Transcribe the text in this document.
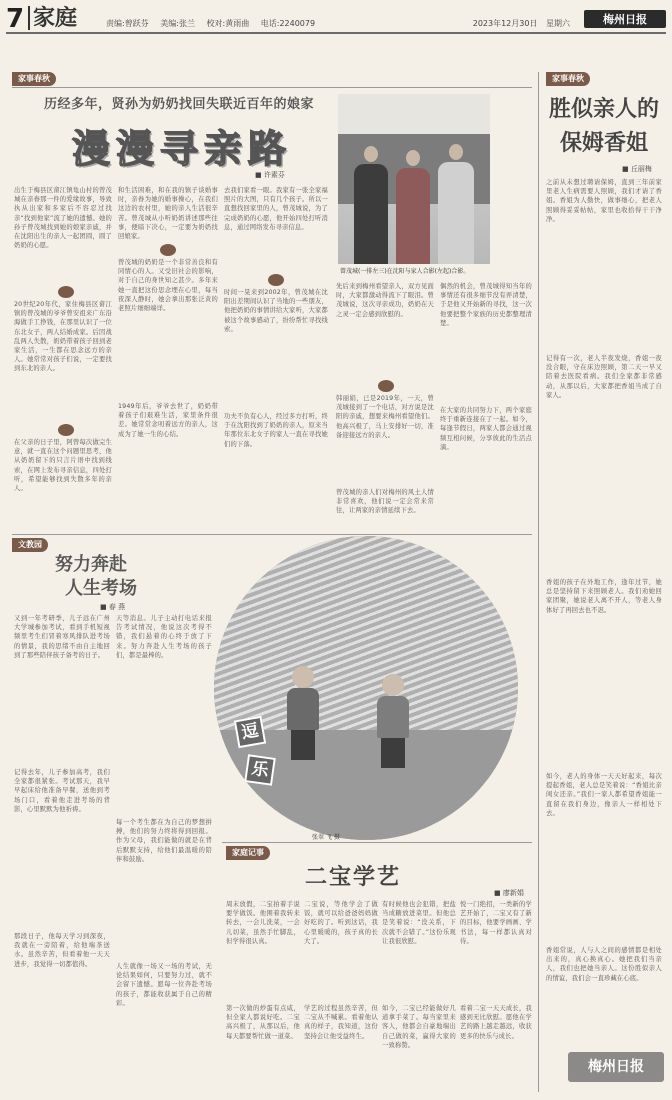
7 家庭	责编:曾跃芬 美编:张兰 校对:黄雨曲 电话:2240079	2023年12月30日 星期六	梅州日报
家事春秋
历经多年，贤孙为奶奶找回失联近百年的娘家
漫漫寻亲路
■ 许素芬
曾茂城(一排左三)在沈阳与家人合影(左起)合影。
出生于梅县区畲江镇龟山村的曾茂城在亲眷那一件的爱缘故事，导致执从出家和多家后不容忍过找亲“找到他家”流了她的遗憾。她的孙子曾茂城找到她的娘家亲戚，并在沈阳出生的亲人一起团圆，圆了奶奶的心愿。
20世纪20年代，家住梅县区畲江镇的曾茂城的爷爷曾安祖来广东沿海做手工挣钱，在那里认识了一位东北女子，两人结婚成家。后因战乱两人失散，奶奶带着孩子回到老家生活，一生都在思念远方的亲人。她常常对孩子们说，一定要找到东北的亲人。
在父亲的日子里，阿曾每次做完生意，就一直在这个问题里思考，他从奶奶留下的只言片语中找到线索，在网上发布寻亲信息，四处打听，希望能够找到失散多年的亲人。
和生活困难，和在我的镇子谈婚事时，亲眷为她的婚事操心，在我们这边的农村里，她的亲人生活很辛苦。曾茂城从小听奶奶讲述那些往事，便暗下决心，一定要为奶奶找回娘家。
曾茂城的奶奶是一个非常善良和有同情心的人。又受旧社会的影响，对于自己的身世知之甚少。多年来她一直把这份思念埋在心里，每当夜深人静时，她会拿出那张泛黄的老照片细细端详。
1949年后，爷爷去世了，奶奶带着孩子们艰难生活，家里条件很差。她常常念叨着远方的亲人，这成为了她一生的心结。
去我们家看一眼。我家有一张全家福照片的大图，只有几个孩子。所以一直想找回家里的人，曾茂城说，为了完成奶奶的心愿，他开始四处打听消息，通过网络发布寻亲信息。
时间一晃来到2002年，曾茂城在沈阳出差期间认识了当地的一些朋友，他把奶奶的事情讲给大家听，大家都被这个故事感动了，纷纷帮忙寻找线索。
功夫不负有心人，经过多方打听，终于在沈阳找到了奶奶的亲人，原来当年那位东北女子的家人一直在寻找她们的下落。
先后来到梅州看望亲人，双方见面时，大家都激动得流下了眼泪。曾茂城说，这次寻亲成功，奶奶在天之灵一定会感到欣慰的。
韩丽娟，已是2019年，一天，曾茂城接到了一个电话，对方说是沈阳的亲戚，想要来梅州看望他们。他高兴极了，马上安排好一切，准备迎接远方的亲人。
曾茂城的亲人们对梅州的风土人情非常喜欢，他们说一定会常来常往，让两家的亲情延续下去。
偶然的机会，曾茂城得知当年的事情还有很多细节没有弄清楚，于是他又开始新的寻找，这一次他要把整个家族的历史都整理清楚。
在大家的共同努力下，两个家庭终于重新连接在了一起。如今，每逢节假日，两家人都会通过视频互相问候，分享彼此的生活点滴。
家事春秋
胜似亲人的
保姆香姐
■ 丘丽梅
之前从未想过聘请保姆，直到三年前家里老人生病需要人照顾，我们才请了香姐。香姐为人勤快，做事细心，把老人照顾得妥妥帖帖，家里也收拾得干干净净。
记得有一次，老人半夜发烧，香姐一夜没合眼，守在床边照顾，第二天一早又陪着去医院看病。我们全家都非常感动，从那以后，大家都把香姐当成了自家人。
香姐的孩子在外地工作，逢年过节，她总是坚持留下来照顾老人。我们劝她回家团聚，她说老人离不开人，等老人身体好了再回去也不迟。
如今，老人的身体一天天好起来，每次提起香姐，老人总是笑着说：“香姐比亲闺女还亲。”我们一家人都希望香姐能一直留在我们身边，像亲人一样相处下去。
香姐常说，人与人之间的感情都是相处出来的，真心换真心。她把我们当亲人，我们也把她当亲人。这份胜似亲人的情谊，我们会一直珍藏在心底。
文教园
努力奔赴
人生考场
■ 春 燕
又到一年考研季，儿子远在广州大学城参加考试，看到手机短视频里考生们冒着寒风排队进考场的情景，我的思绪不由自主地回到了那些陪伴孩子备考的日子。
记得去年，儿子参加高考，我们全家都很紧张。考试那天，我早早起床给他准备早餐，送他到考场门口，看着他走进考场的背影，心里默默为他祈祷。
那段日子，他每天学习到深夜，我就在一旁陪着，给他端茶送水。虽然辛苦，但看着他一天天进步，我觉得一切都值得。
天等消息。儿子主动打电话来报告考试情况，他说这次考得不错，我们悬着的心终于放了下来。努力奔赴人生考场的孩子们，都是最棒的。
每一个考生都在为自己的梦想拼搏，他们的努力终将得到回报。作为父母，我们能做的就是在背后默默支持，给他们最温暖的陪伴和鼓励。
人生就像一场又一场的考试，无论结果如何，只要努力过，就不会留下遗憾。愿每一位奔赴考场的孩子，都能收获属于自己的精彩。
逗
乐
张翠 飞 摄
家庭记事
二宝学艺
■ 廖新娟
周末放假，二宝拍着手说要学做饭。他围着我转来转去，一会儿洗菜，一会儿切菜，虽然手忙脚乱，但学得很认真。
第一次做的炒蛋有点咸，但全家人都说好吃。二宝高兴极了，从那以后，他每天都要帮忙做一道菜。
二宝说，等他学会了做饭，就可以给爸爸妈妈做好吃的了。听到这话，我心里暖暖的，孩子真的长大了。
学艺的过程虽然辛苦，但二宝从不喊累。看着他认真的样子，我知道，这份坚持会让他受益终生。
有时候他也会犯错，把盐当成糖放进菜里。但他总是笑着说：“没关系，下次就不会错了。”这份乐观让我很欣慰。
如今，二宝已经能做好几道拿手菜了。每当家里来客人，他都会自豪地端出自己做的菜，赢得大家的一致称赞。
悦一门绝招，一类新的学艺开始了，二宝又有了新的目标，他要学画画、学书法，每一样都认真对待。
看着二宝一天天成长，我感到无比欣慰。愿他在学艺的路上越走越远，收获更多的快乐与成长。
梅州日报
